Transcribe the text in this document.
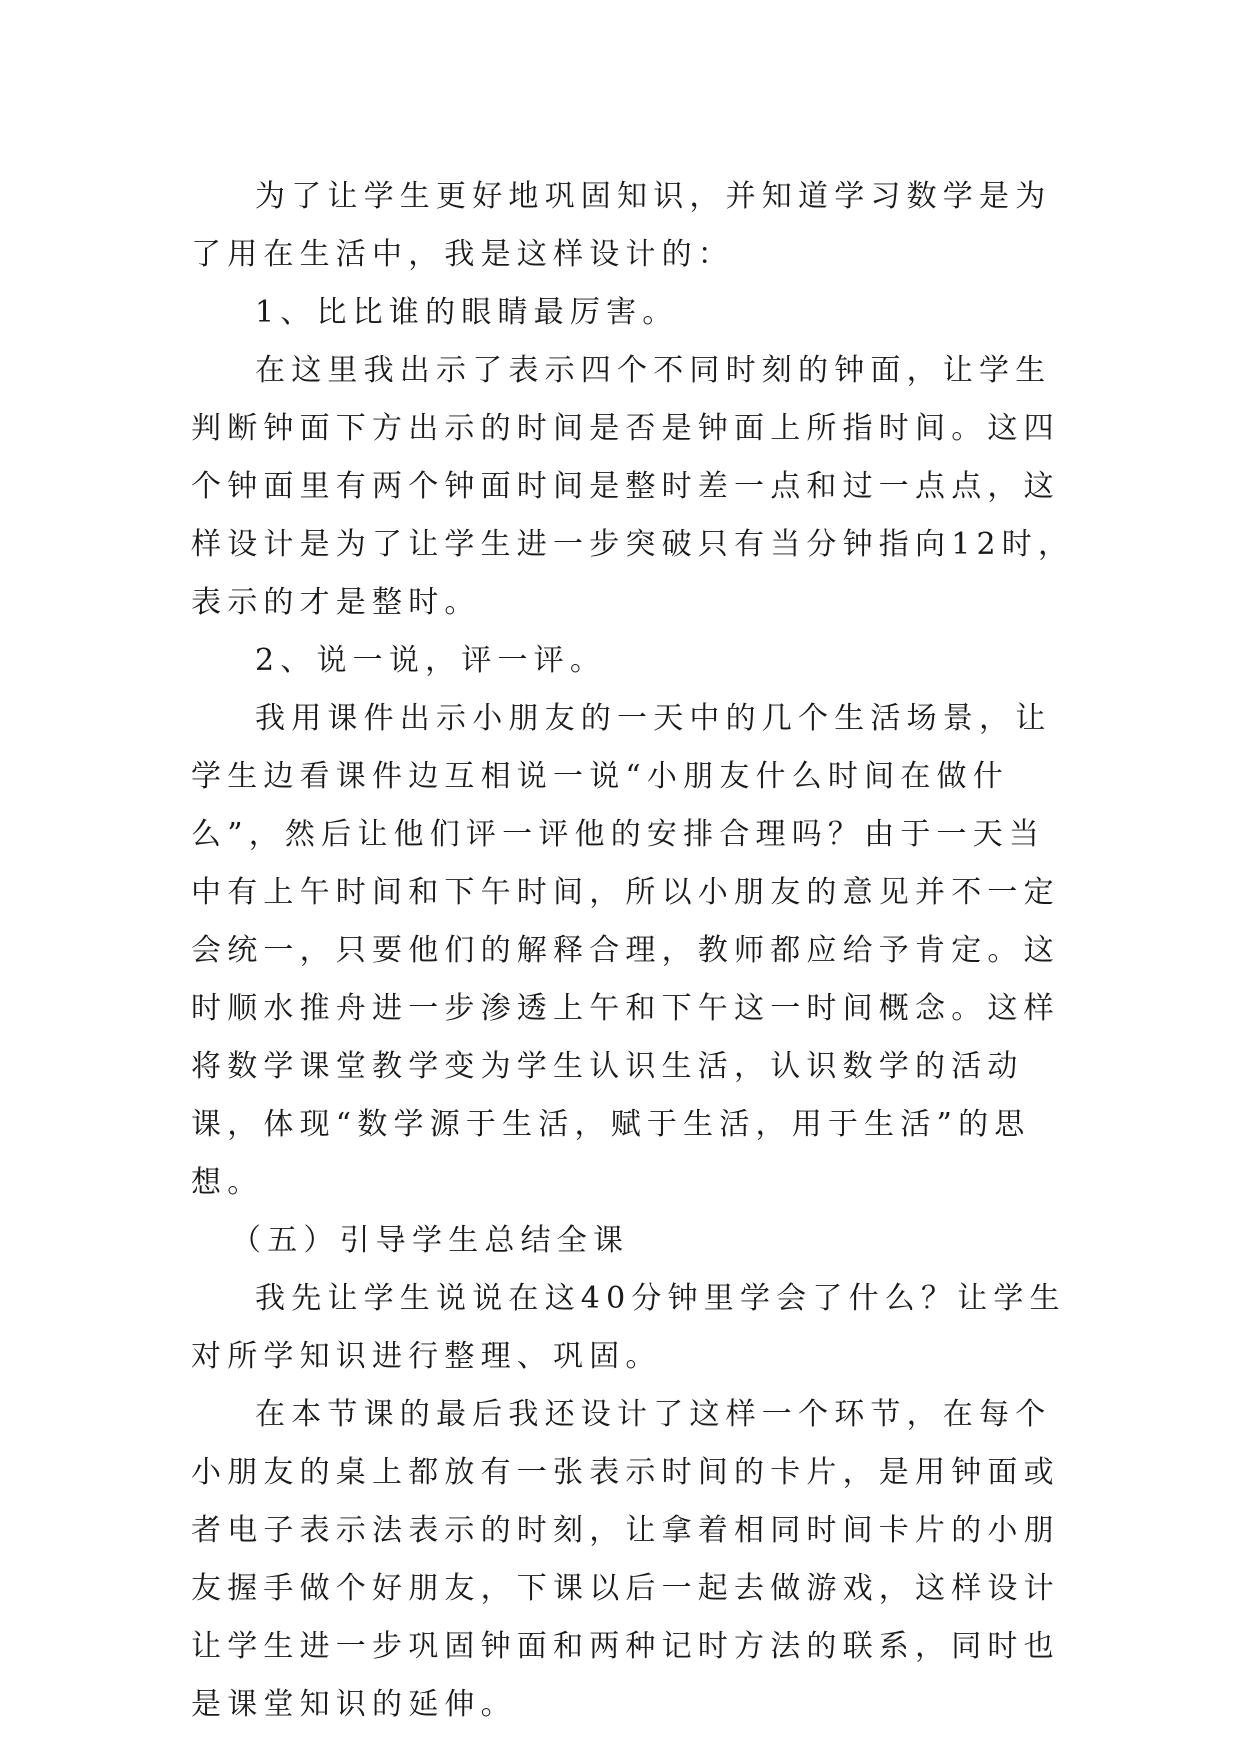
为了让学生更好地巩固知识，并知道学习数学是为了用在生活中，我是这样设计的：

1、比比谁的眼睛最厉害。

在这里我出示了表示四个不同时刻的钟面，让学生判断钟面下方出示的时间是否是钟面上所指时间。这四个钟面里有两个钟面时间是整时差一点和过一点点，这样设计是为了让学生进一步突破只有当分钟指向12时，表示的才是整时。

2、说一说，评一评。

我用课件出示小朋友的一天中的几个生活场景，让学生边看课件边互相说一说“小朋友什么时间在做什么”，然后让他们评一评他的安排合理吗？由于一天当中有上午时间和下午时间，所以小朋友的意见并不一定会统一，只要他们的解释合理，教师都应给予肯定。这时顺水推舟进一步渗透上午和下午这一时间概念。这样将数学课堂教学变为学生认识生活，认识数学的活动课，体现“数学源于生活，赋于生活，用于生活”的思想。

（五）引导学生总结全课

我先让学生说说在这40分钟里学会了什么？让学生对所学知识进行整理、巩固。

在本节课的最后我还设计了这样一个环节，在每个小朋友的桌上都放有一张表示时间的卡片，是用钟面或者电子表示法表示的时刻，让拿着相同时间卡片的小朋友握手做个好朋友，下课以后一起去做游戏，这样设计让学生进一步巩固钟面和两种记时方法的联系，同时也是课堂知识的延伸。
